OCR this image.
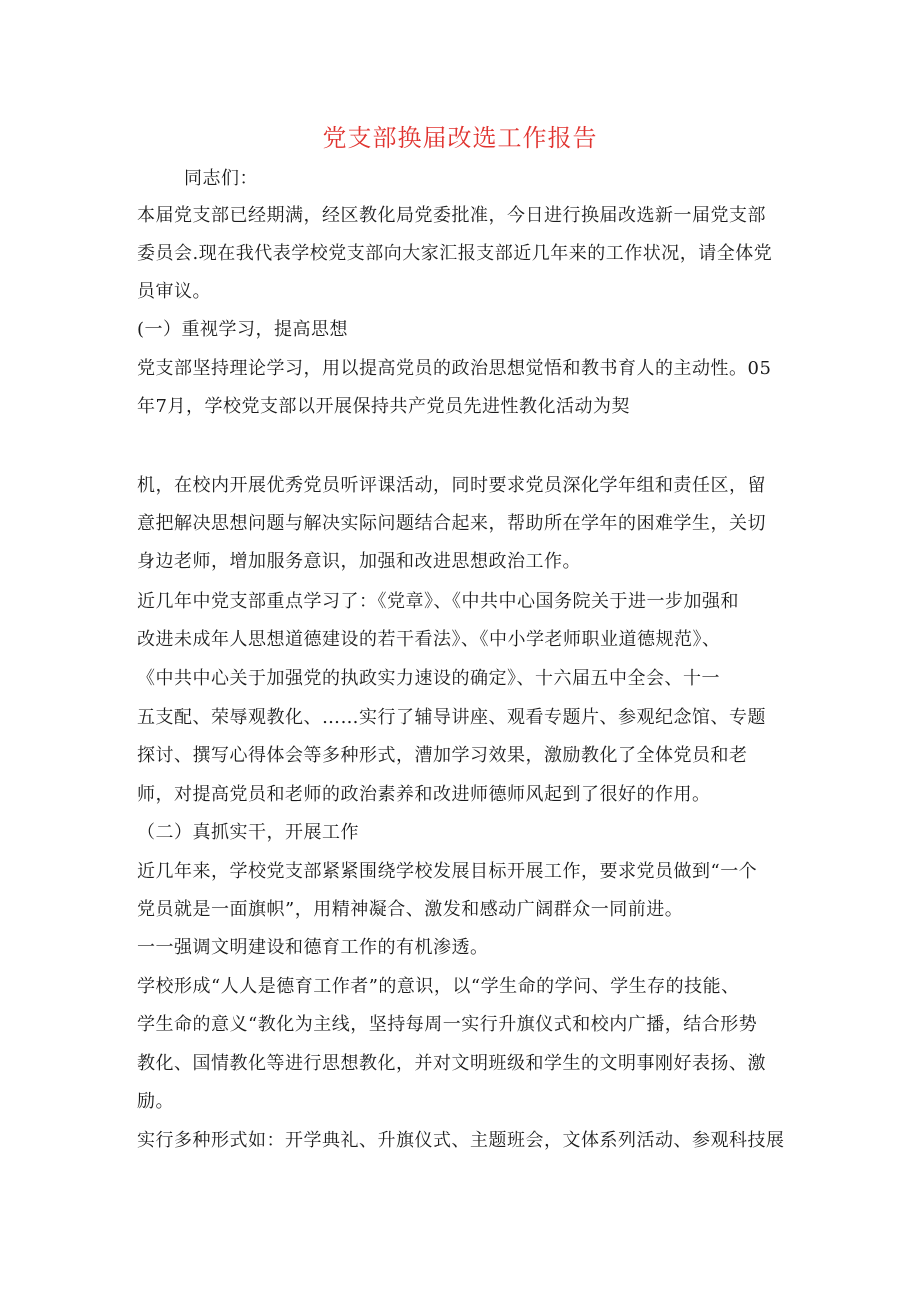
党支部换届改选工作报告
同志们：
本届党支部已经期满，经区教化局党委批准，今日进行换届改选新一届党支部
委员会.现在我代表学校党支部向大家汇报支部近几年来的工作状况，请全体党
员审议。
(一）重视学习，提高思想
党支部坚持理论学习，用以提高党员的政治思想觉悟和教书育人的主动性。05
年7月，学校党支部以开展保持共产党员先进性教化活动为契
机，在校内开展优秀党员听评课活动，同时要求党员深化学年组和责任区，留
意把解决思想问题与解决实际问题结合起来，帮助所在学年的困难学生，关切
身边老师，增加服务意识，加强和改进思想政治工作。
近几年中党支部重点学习了：《党章》、《中共中心国务院关于进一步加强和
改进未成年人思想道德建设的若干看法》、《中小学老师职业道德规范》、
《中共中心关于加强党的执政实力速设的确定》、十六届五中全会、十一
五支配、荣辱观教化、……实行了辅导讲座、观看专题片、参观纪念馆、专题
探讨、撰写心得体会等多种形式，漕加学习效果，激励教化了全体党员和老
师，对提高党员和老师的政治素养和改进师德师风起到了很好的作用。
（二）真抓实干，开展工作
近几年来，学校党支部紧紧围绕学校发展目标开展工作，要求党员做到“一个
党员就是一面旗帜”，用精神凝合、激发和感动广阔群众一同前进。
一一强调文明建设和德育工作的有机渗透。
学校形成“人人是德育工作者”的意识，以“学生命的学问、学生存的技能、
学生命的意义“教化为主线，坚持每周一实行升旗仪式和校内广播，结合形势
教化、国情教化等进行思想教化，并对文明班级和学生的文明事刚好表扬、激
励。
实行多种形式如：开学典礼、升旗仪式、主题班会，文体系列活动、参观科技展
